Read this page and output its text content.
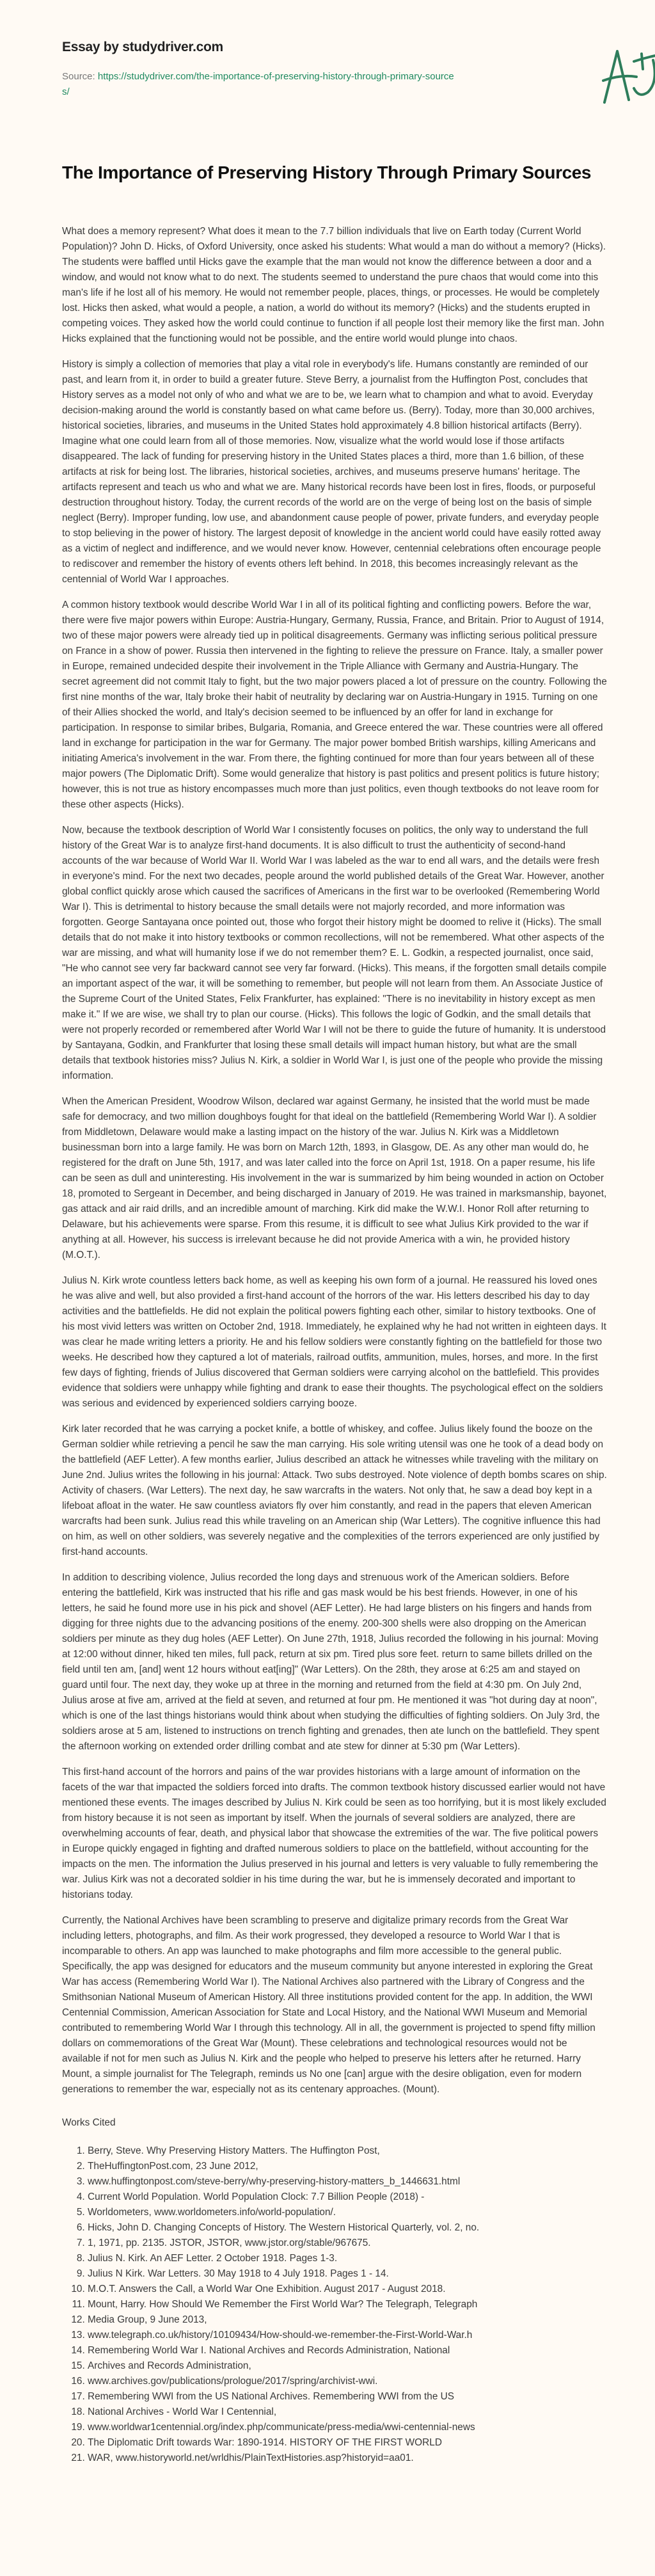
Essay by studydriver.com
Source: https://studydriver.com/the-importance-of-preserving-history-through-primary-sources/
The Importance of Preserving History Through Primary Sources

What does a memory represent? What does it mean to the 7.7 billion individuals that live on Earth today (Current World Population)? John D. Hicks, of Oxford University, once asked his students: What would a man do without a memory? (Hicks). The students were baffled until Hicks gave the example that the man would not know the difference between a door and a window, and would not know what to do next. The students seemed to understand the pure chaos that would come into this man's life if he lost all of his memory. He would not remember people, places, things, or processes. He would be completely lost. Hicks then asked, what would a people, a nation, a world do without its memory? (Hicks) and the students erupted in competing voices. They asked how the world could continue to function if all people lost their memory like the first man. John Hicks explained that the functioning would not be possible, and the entire world would plunge into chaos.

History is simply a collection of memories that play a vital role in everybody's life. Humans constantly are reminded of our past, and learn from it, in order to build a greater future. Steve Berry, a journalist from the Huffington Post, concludes that History serves as a model not only of who and what we are to be, we learn what to champion and what to avoid. Everyday decision-making around the world is constantly based on what came before us. (Berry). Today, more than 30,000 archives, historical societies, libraries, and museums in the United States hold approximately 4.8 billion historical artifacts (Berry). Imagine what one could learn from all of those memories. Now, visualize what the world would lose if those artifacts disappeared. The lack of funding for preserving history in the United States places a third, more than 1.6 billion, of these artifacts at risk for being lost. The libraries, historical societies, archives, and museums preserve humans' heritage. The artifacts represent and teach us who and what we are. Many historical records have been lost in fires, floods, or purposeful destruction throughout history. Today, the current records of the world are on the verge of being lost on the basis of simple neglect (Berry). Improper funding, low use, and abandonment cause people of power, private funders, and everyday people to stop believing in the power of history. The largest deposit of knowledge in the ancient world could have easily rotted away as a victim of neglect and indifference, and we would never know. However, centennial celebrations often encourage people to rediscover and remember the history of events others left behind. In 2018, this becomes increasingly relevant as the centennial of World War I approaches.

A common history textbook would describe World War I in all of its political fighting and conflicting powers. Before the war, there were five major powers within Europe: Austria-Hungary, Germany, Russia, France, and Britain. Prior to August of 1914, two of these major powers were already tied up in political disagreements. Germany was inflicting serious political pressure on France in a show of power. Russia then intervened in the fighting to relieve the pressure on France. Italy, a smaller power in Europe, remained undecided despite their involvement in the Triple Alliance with Germany and Austria-Hungary. The secret agreement did not commit Italy to fight, but the two major powers placed a lot of pressure on the country. Following the first nine months of the war, Italy broke their habit of neutrality by declaring war on Austria-Hungary in 1915. Turning on one of their Allies shocked the world, and Italy's decision seemed to be influenced by an offer for land in exchange for participation. In response to similar bribes, Bulgaria, Romania, and Greece entered the war. These countries were all offered land in exchange for participation in the war for Germany. The major power bombed British warships, killing Americans and initiating America's involvement in the war. From there, the fighting continued for more than four years between all of these major powers (The Diplomatic Drift). Some would generalize that history is past politics and present politics is future history; however, this is not true as history encompasses much more than just politics, even though textbooks do not leave room for these other aspects (Hicks).

Now, because the textbook description of World War I consistently focuses on politics, the only way to understand the full history of the Great War is to analyze first-hand documents. It is also difficult to trust the authenticity of second-hand accounts of the war because of World War II. World War I was labeled as the war to end all wars, and the details were fresh in everyone's mind. For the next two decades, people around the world published details of the Great War. However, another global conflict quickly arose which caused the sacrifices of Americans in the first war to be overlooked (Remembering World War I). This is detrimental to history because the small details were not majorly recorded, and more information was forgotten. George Santayana once pointed out, those who forgot their history might be doomed to relive it (Hicks). The small details that do not make it into history textbooks or common recollections, will not be remembered. What other aspects of the war are missing, and what will humanity lose if we do not remember them? E. L. Godkin, a respected journalist, once said, "He who cannot see very far backward cannot see very far forward. (Hicks). This means, if the forgotten small details compile an important aspect of the war, it will be something to remember, but people will not learn from them. An Associate Justice of the Supreme Court of the United States, Felix Frankfurter, has explained: "There is no inevitability in history except as men make it." If we are wise, we shall try to plan our course. (Hicks). This follows the logic of Godkin, and the small details that were not properly recorded or remembered after World War I will not be there to guide the future of humanity. It is understood by Santayana, Godkin, and Frankfurter that losing these small details will impact human history, but what are the small details that textbook histories miss? Julius N. Kirk, a soldier in World War I, is just one of the people who provide the missing information.

When the American President, Woodrow Wilson, declared war against Germany, he insisted that the world must be made safe for democracy, and two million doughboys fought for that ideal on the battlefield (Remembering World War I). A soldier from Middletown, Delaware would make a lasting impact on the history of the war. Julius N. Kirk was a Middletown businessman born into a large family. He was born on March 12th, 1893, in Glasgow, DE. As any other man would do, he registered for the draft on June 5th, 1917, and was later called into the force on April 1st, 1918. On a paper resume, his life can be seen as dull and uninteresting. His involvement in the war is summarized by him being wounded in action on October 18, promoted to Sergeant in December, and being discharged in January of 2019. He was trained in marksmanship, bayonet, gas attack and air raid drills, and an incredible amount of marching. Kirk did make the W.W.I. Honor Roll after returning to Delaware, but his achievements were sparse. From this resume, it is difficult to see what Julius Kirk provided to the war if anything at all. However, his success is irrelevant because he did not provide America with a win, he provided history (M.O.T.).

Julius N. Kirk wrote countless letters back home, as well as keeping his own form of a journal. He reassured his loved ones he was alive and well, but also provided a first-hand account of the horrors of the war. His letters described his day to day activities and the battlefields. He did not explain the political powers fighting each other, similar to history textbooks. One of his most vivid letters was written on October 2nd, 1918. Immediately, he explained why he had not written in eighteen days. It was clear he made writing letters a priority. He and his fellow soldiers were constantly fighting on the battlefield for those two weeks. He described how they captured a lot of materials, railroad outfits, ammunition, mules, horses, and more. In the first few days of fighting, friends of Julius discovered that German soldiers were carrying alcohol on the battlefield. This provides evidence that soldiers were unhappy while fighting and drank to ease their thoughts. The psychological effect on the soldiers was serious and evidenced by experienced soldiers carrying booze.

Kirk later recorded that he was carrying a pocket knife, a bottle of whiskey, and coffee. Julius likely found the booze on the German soldier while retrieving a pencil he saw the man carrying. His sole writing utensil was one he took of a dead body on the battlefield (AEF Letter). A few months earlier, Julius described an attack he witnesses while traveling with the military on June 2nd. Julius writes the following in his journal: Attack. Two subs destroyed. Note violence of depth bombs scares on ship. Activity of chasers. (War Letters). The next day, he saw warcrafts in the waters. Not only that, he saw a dead boy kept in a lifeboat afloat in the water. He saw countless aviators fly over him constantly, and read in the papers that eleven American warcrafts had been sunk. Julius read this while traveling on an American ship (War Letters). The cognitive influence this had on him, as well on other soldiers, was severely negative and the complexities of the terrors experienced are only justified by first-hand accounts.

In addition to describing violence, Julius recorded the long days and strenuous work of the American soldiers. Before entering the battlefield, Kirk was instructed that his rifle and gas mask would be his best friends. However, in one of his letters, he said he found more use in his pick and shovel (AEF Letter). He had large blisters on his fingers and hands from digging for three nights due to the advancing positions of the enemy. 200-300 shells were also dropping on the American soldiers per minute as they dug holes (AEF Letter). On June 27th, 1918, Julius recorded the following in his journal: Moving at 12:00 without dinner, hiked ten miles, full pack, return at six pm. Tired plus sore feet. return to same billets drilled on the field until ten am, [and] went 12 hours without eat[ing]" (War Letters). On the 28th, they arose at 6:25 am and stayed on guard until four. The next day, they woke up at three in the morning and returned from the field at 4:30 pm. On July 2nd, Julius arose at five am, arrived at the field at seven, and returned at four pm. He mentioned it was "hot during day at noon", which is one of the last things historians would think about when studying the difficulties of fighting soldiers. On July 3rd, the soldiers arose at 5 am, listened to instructions on trench fighting and grenades, then ate lunch on the battlefield. They spent the afternoon working on extended order drilling combat and ate stew for dinner at 5:30 pm (War Letters).

This first-hand account of the horrors and pains of the war provides historians with a large amount of information on the facets of the war that impacted the soldiers forced into drafts. The common textbook history discussed earlier would not have mentioned these events. The images described by Julius N. Kirk could be seen as too horrifying, but it is most likely excluded from history because it is not seen as important by itself. When the journals of several soldiers are analyzed, there are overwhelming accounts of fear, death, and physical labor that showcase the extremities of the war. The five political powers in Europe quickly engaged in fighting and drafted numerous soldiers to place on the battlefield, without accounting for the impacts on the men. The information the Julius preserved in his journal and letters is very valuable to fully remembering the war. Julius Kirk was not a decorated soldier in his time during the war, but he is immensely decorated and important to historians today.

Currently, the National Archives have been scrambling to preserve and digitalize primary records from the Great War including letters, photographs, and film. As their work progressed, they developed a resource to World War I that is incomparable to others. An app was launched to make photographs and film more accessible to the general public. Specifically, the app was designed for educators and the museum community but anyone interested in exploring the Great War has access (Remembering World War I). The National Archives also partnered with the Library of Congress and the Smithsonian National Museum of American History. All three institutions provided content for the app. In addition, the WWI Centennial Commission, American Association for State and Local History, and the National WWI Museum and Memorial contributed to remembering World War I through this technology. All in all, the government is projected to spend fifty million dollars on commemorations of the Great War (Mount). These celebrations and technological resources would not be available if not for men such as Julius N. Kirk and the people who helped to preserve his letters after he returned. Harry Mount, a simple journalist for The Telegraph, reminds us No one [can] argue with the desire obligation, even for modern generations to remember the war, especially not as its centenary approaches. (Mount).

Works Cited

1. Berry, Steve. Why Preserving History Matters. The Huffington Post,
2. TheHuffingtonPost.com, 23 June 2012,
3. www.huffingtonpost.com/steve-berry/why-preserving-history-matters_b_1446631.html
4. Current World Population. World Population Clock: 7.7 Billion People (2018) -
5. Worldometers, www.worldometers.info/world-population/.
6. Hicks, John D. Changing Concepts of History. The Western Historical Quarterly, vol. 2, no.
7. 1, 1971, pp. 2135. JSTOR, JSTOR, www.jstor.org/stable/967675.
8. Julius N. Kirk. An AEF Letter. 2 October 1918. Pages 1-3.
9. Julius N Kirk. War Letters. 30 May 1918 to 4 July 1918. Pages 1 - 14.
10. M.O.T. Answers the Call, a World War One Exhibition. August 2017 - August 2018.
11. Mount, Harry. How Should We Remember the First World War? The Telegraph, Telegraph
12. Media Group, 9 June 2013,
13. www.telegraph.co.uk/history/10109434/How-should-we-remember-the-First-World-War.h
14. Remembering World War I. National Archives and Records Administration, National
15. Archives and Records Administration,
16. www.archives.gov/publications/prologue/2017/spring/archivist-wwi.
17. Remembering WWI from the US National Archives. Remembering WWI from the US
18. National Archives - World War I Centennial,
19. www.worldwar1centennial.org/index.php/communicate/press-media/wwi-centennial-news
20. The Diplomatic Drift towards War: 1890-1914. HISTORY OF THE FIRST WORLD
21. WAR, www.historyworld.net/wrldhis/PlainTextHistories.asp?historyid=aa01.
